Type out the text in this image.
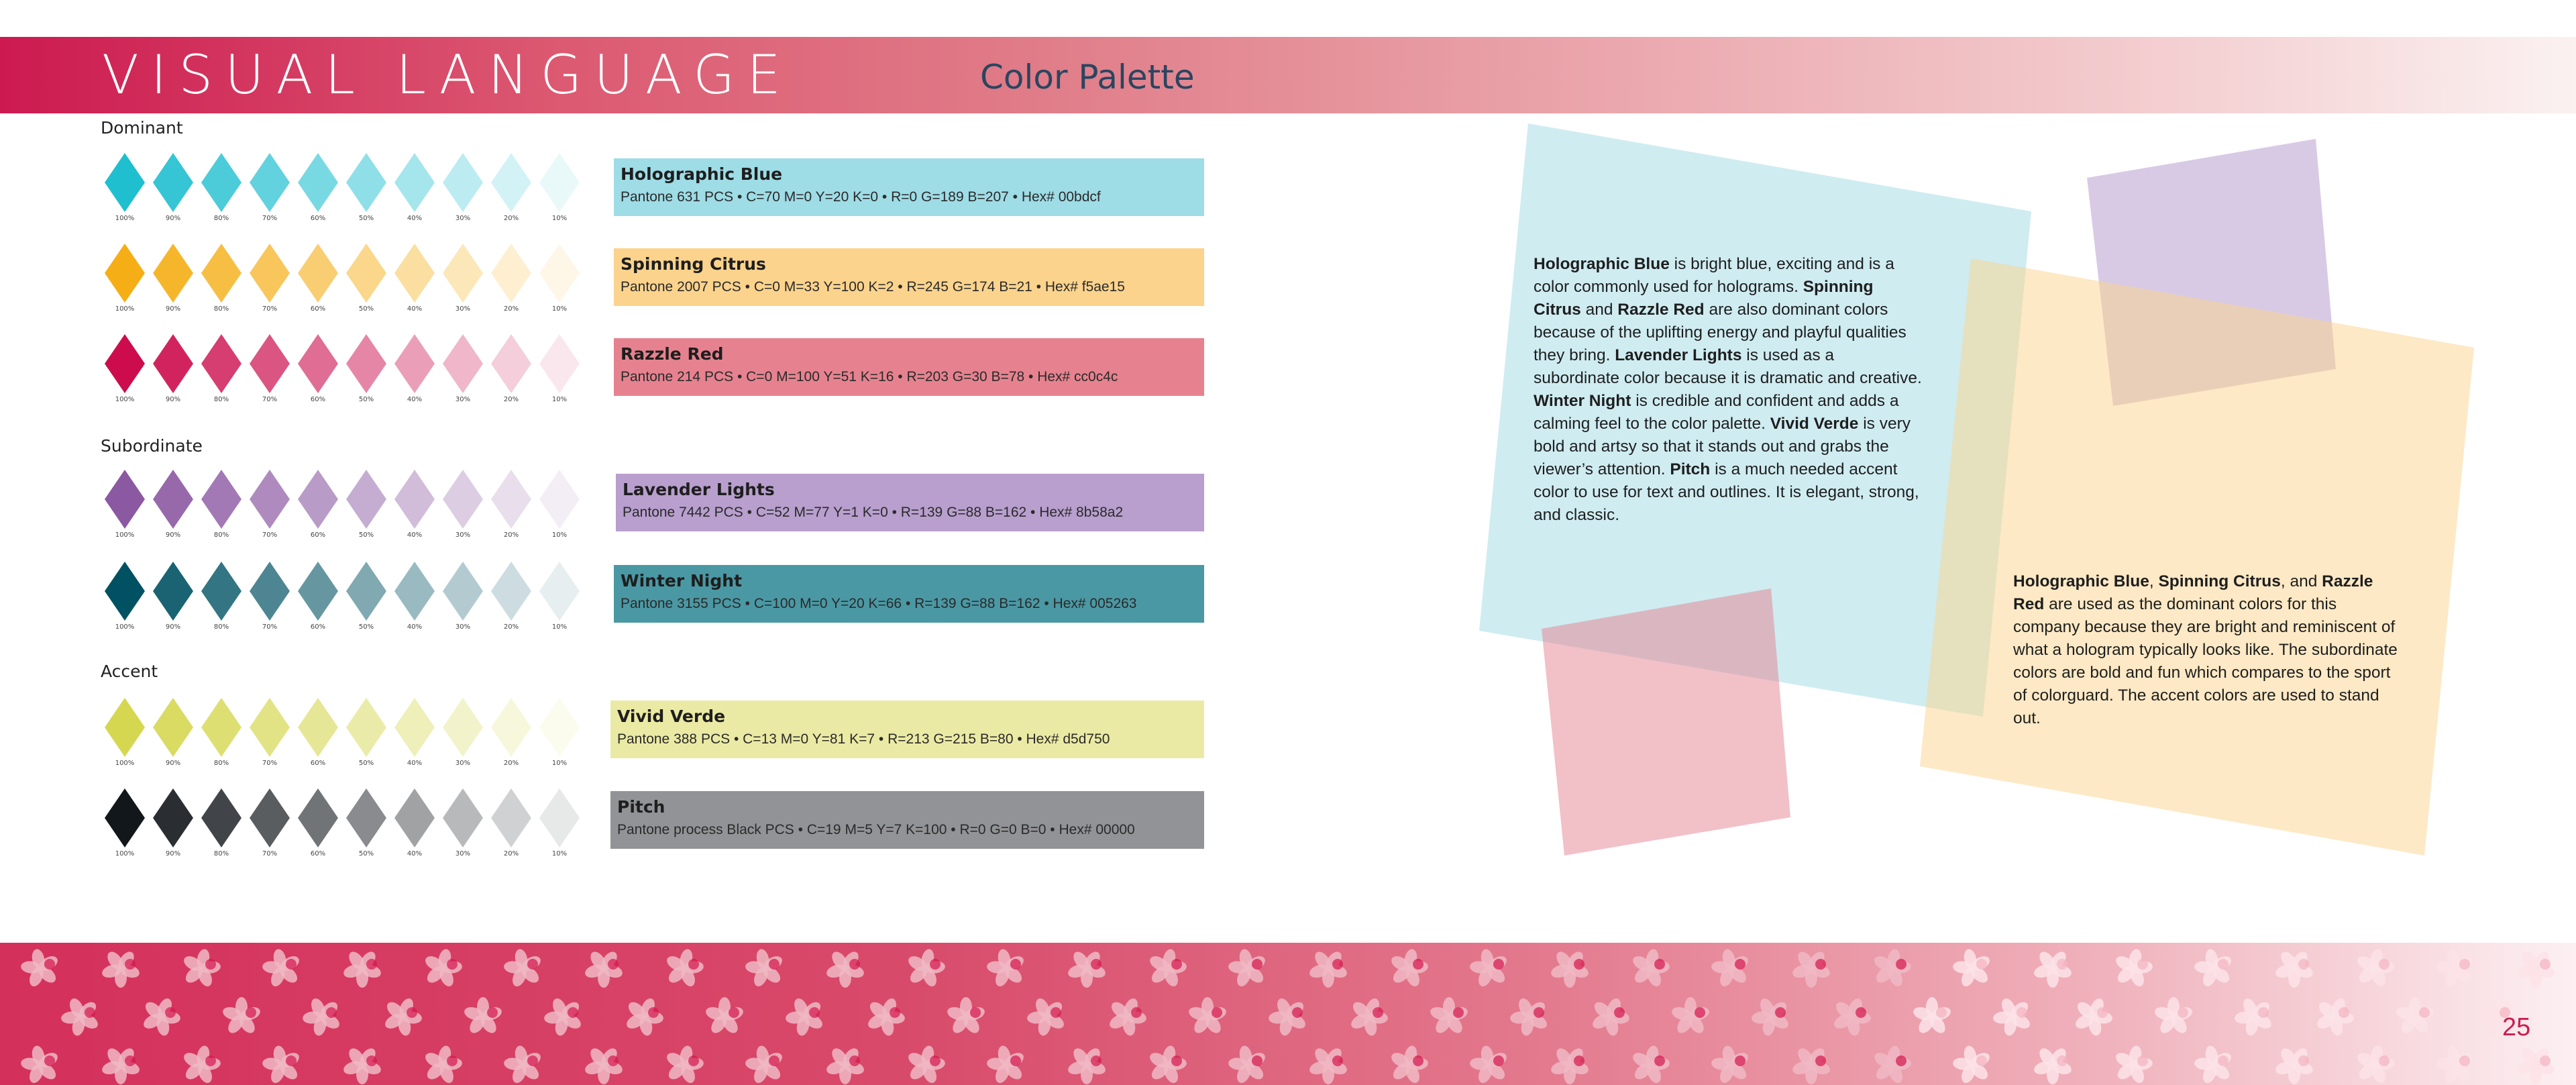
VISUAL LANGUAGE	Color Palette
Dominant
Subordinate
Accent
100%	90%	80%	70%	60%	50%	40%	30%	20%	10%
100%	90%	80%	70%	60%	50%	40%	30%	20%	10%
100%	90%	80%	70%	60%	50%	40%	30%	20%	10%
100%	90%	80%	70%	60%	50%	40%	30%	20%	10%
100%	90%	80%	70%	60%	50%	40%	30%	20%	10%
100%	90%	80%	70%	60%	50%	40%	30%	20%	10%
100%	90%	80%	70%	60%	50%	40%	30%	20%	10%
Holographic Blue
Pantone 631 PCS • C=70 M=0 Y=20 K=0 • R=0 G=189 B=207 • Hex# 00bdcf
Spinning Citrus
Pantone 2007 PCS • C=0 M=33 Y=100 K=2 • R=245 G=174 B=21 • Hex# f5ae15
Razzle Red
Pantone 214 PCS • C=0 M=100 Y=51 K=16 • R=203 G=30 B=78 • Hex# cc0c4c
Lavender Lights
Pantone 7442 PCS • C=52 M=77 Y=1 K=0 • R=139 G=88 B=162 • Hex# 8b58a2
Winter Night
Pantone 3155 PCS • C=100 M=0 Y=20 K=66 • R=139 G=88 B=162 • Hex# 005263
Vivid Verde
Pantone 388 PCS • C=13 M=0 Y=81 K=7 • R=213 G=215 B=80 • Hex# d5d750
Pitch
Pantone process Black PCS • C=19 M=5 Y=7 K=100 • R=0 G=0 B=0 • Hex# 00000
Holographic Blue is bright blue, exciting and is a color commonly used for holograms. Spinning Citrus and Razzle Red are also dominant colors because of the uplifting energy and playful qualities they bring. Lavender Lights is used as a subordinate color because it is dramatic and creative. Winter Night is credible and confident and adds a calming feel to the color palette. Vivid Verde is very bold and artsy so that it stands out and grabs the viewer’s attention. Pitch is a much needed accent color to use for text and outlines. It is elegant, strong, and classic.
Holographic Blue, Spinning Citrus, and Razzle Red are used as the dominant colors for this company because they are bright and reminiscent of what a hologram typically looks like. The subordinate colors are bold and fun which compares to the sport of colorguard. The accent colors are used to stand out.
25
